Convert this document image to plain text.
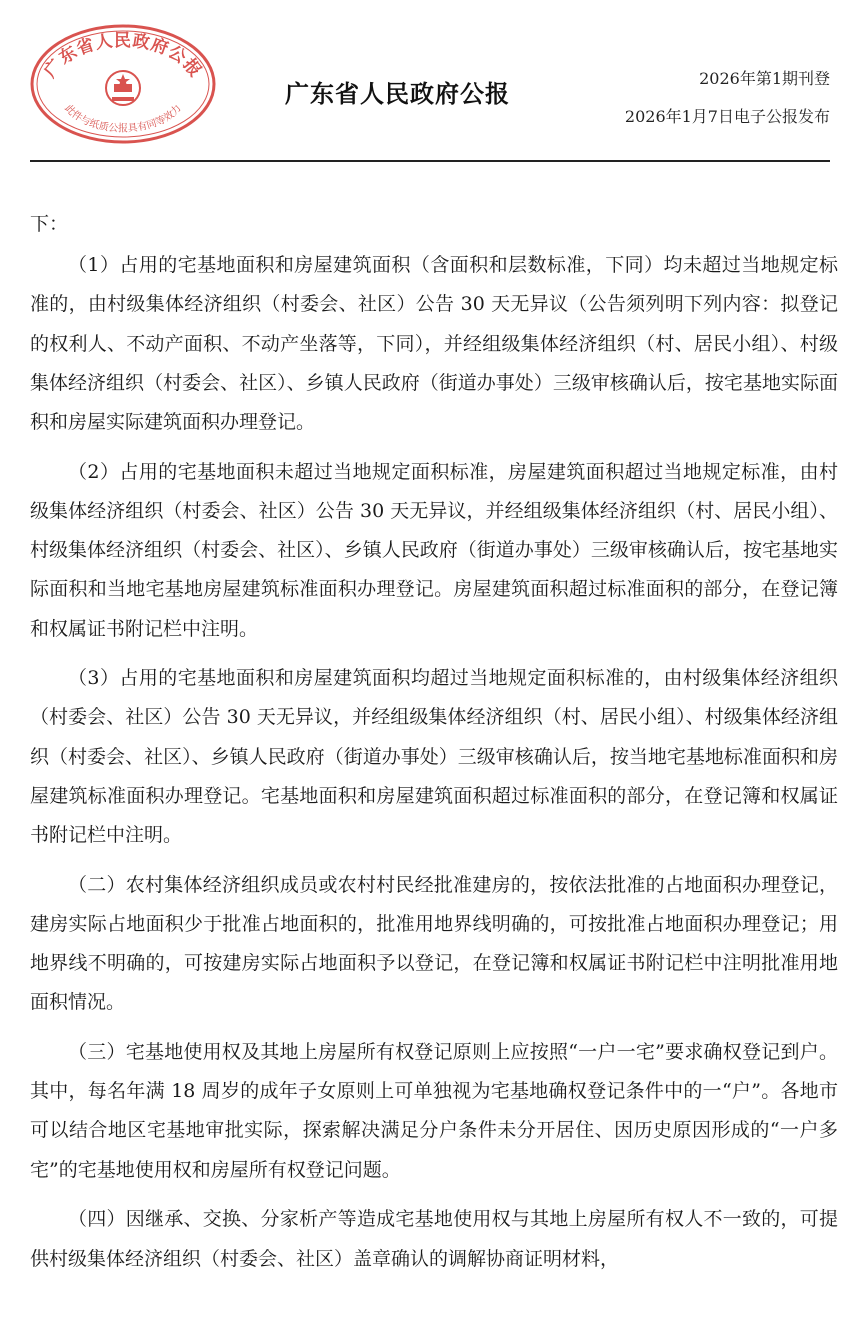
广东省人民政府公报
此件与纸质公报具有同等效力
广东省人民政府公报
2026年第1期刊登
2026年1月7日电子公报发布

下：

（1）占用的宅基地面积和房屋建筑面积（含面积和层数标准，下同）均未超过当地规定标准的，由村级集体经济组织（村委会、社区）公告 30 天无异议（公告须列明下列内容：拟登记的权利人、不动产面积、不动产坐落等，下同），并经组级集体经济组织（村、居民小组）、村级集体经济组织（村委会、社区）、乡镇人民政府（街道办事处）三级审核确认后，按宅基地实际面积和房屋实际建筑面积办理登记。

（2）占用的宅基地面积未超过当地规定面积标准，房屋建筑面积超过当地规定标准，由村级集体经济组织（村委会、社区）公告 30 天无异议，并经组级集体经济组织（村、居民小组）、村级集体经济组织（村委会、社区）、乡镇人民政府（街道办事处）三级审核确认后，按宅基地实际面积和当地宅基地房屋建筑标准面积办理登记。房屋建筑面积超过标准面积的部分，在登记簿和权属证书附记栏中注明。

（3）占用的宅基地面积和房屋建筑面积均超过当地规定面积标准的，由村级集体经济组织（村委会、社区）公告 30 天无异议，并经组级集体经济组织（村、居民小组）、村级集体经济组织（村委会、社区）、乡镇人民政府（街道办事处）三级审核确认后，按当地宅基地标准面积和房屋建筑标准面积办理登记。宅基地面积和房屋建筑面积超过标准面积的部分，在登记簿和权属证书附记栏中注明。

（二）农村集体经济组织成员或农村村民经批准建房的，按依法批准的占地面积办理登记，建房实际占地面积少于批准占地面积的，批准用地界线明确的，可按批准占地面积办理登记；用地界线不明确的，可按建房实际占地面积予以登记，在登记簿和权属证书附记栏中注明批准用地面积情况。

（三）宅基地使用权及其地上房屋所有权登记原则上应按照“一户一宅”要求确权登记到户。其中，每名年满 18 周岁的成年子女原则上可单独视为宅基地确权登记条件中的一“户”。各地市可以结合地区宅基地审批实际，探索解决满足分户条件未分开居住、因历史原因形成的“一户多宅”的宅基地使用权和房屋所有权登记问题。

（四）因继承、交换、分家析产等造成宅基地使用权与其地上房屋所有权人不一致的，可提供村级集体经济组织（村委会、社区）盖章确认的调解协商证明材料，
